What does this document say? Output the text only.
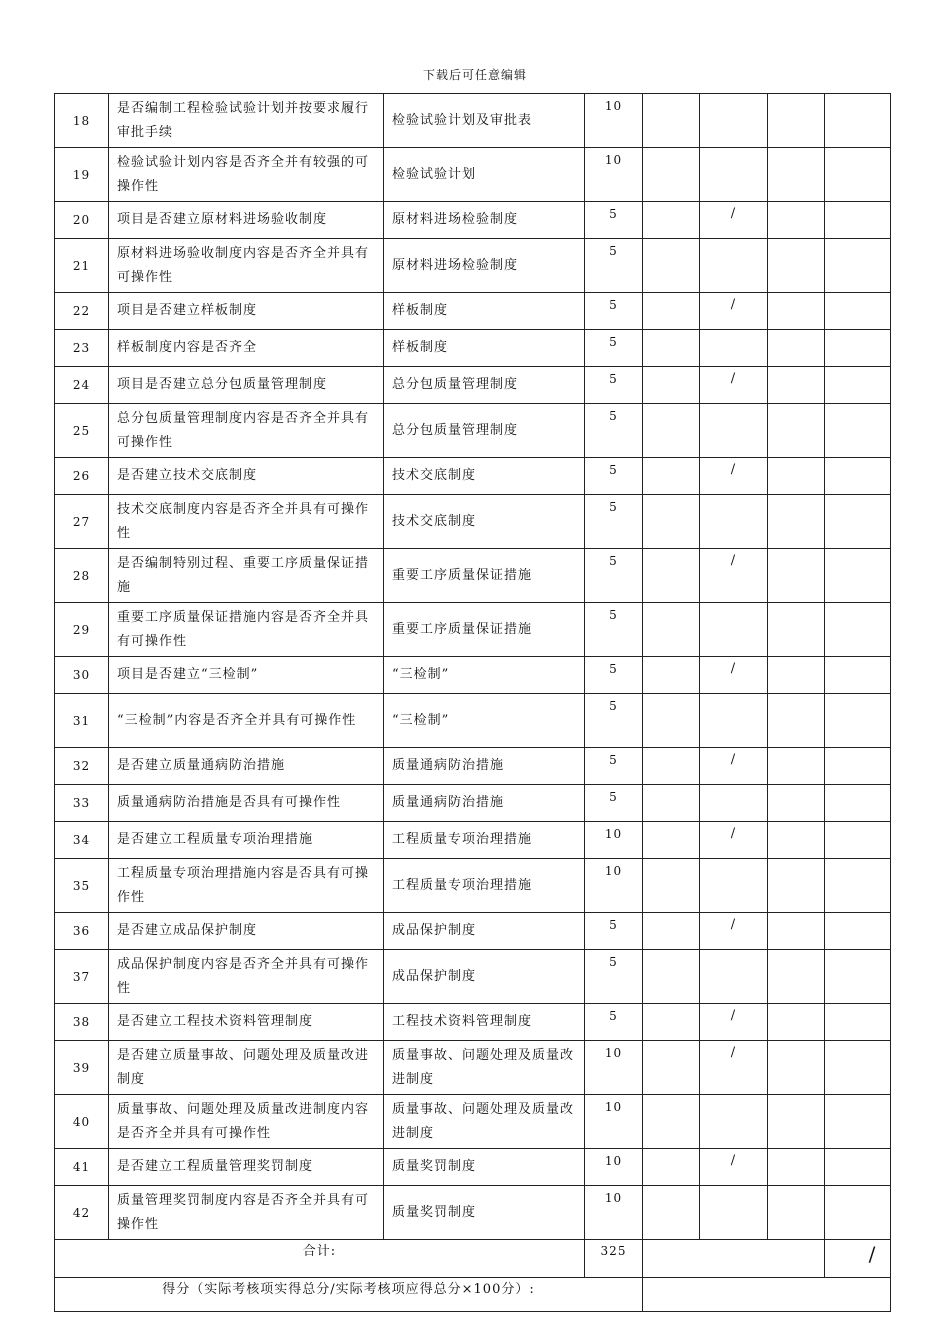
下载后可任意编辑
18	是否编制工程检验试验计划并按要求履行审批手续	检验试验计划及审批表	10				
19	检验试验计划内容是否齐全并有较强的可操作性	检验试验计划	10				
20	项目是否建立原材料进场验收制度	原材料进场检验制度	5		/		
21	原材料进场验收制度内容是否齐全并具有可操作性	原材料进场检验制度	5				
22	项目是否建立样板制度	样板制度	5		/		
23	样板制度内容是否齐全	样板制度	5				
24	项目是否建立总分包质量管理制度	总分包质量管理制度	5		/		
25	总分包质量管理制度内容是否齐全并具有可操作性	总分包质量管理制度	5				
26	是否建立技术交底制度	技术交底制度	5		/		
27	技术交底制度内容是否齐全并具有可操作性	技术交底制度	5				
28	是否编制特别过程、重要工序质量保证措施	重要工序质量保证措施	5		/		
29	重要工序质量保证措施内容是否齐全并具有可操作性	重要工序质量保证措施	5				
30	项目是否建立“三检制”	“三检制”	5		/		
31	“三检制”内容是否齐全并具有可操作性	“三检制”	5				
32	是否建立质量通病防治措施	质量通病防治措施	5		/		
33	质量通病防治措施是否具有可操作性	质量通病防治措施	5				
34	是否建立工程质量专项治理措施	工程质量专项治理措施	10		/		
35	工程质量专项治理措施内容是否具有可操作性	工程质量专项治理措施	10				
36	是否建立成品保护制度	成品保护制度	5		/		
37	成品保护制度内容是否齐全并具有可操作性	成品保护制度	5				
38	是否建立工程技术资料管理制度	工程技术资料管理制度	5		/		
39	是否建立质量事故、问题处理及质量改进制度	质量事故、问题处理及质量改进制度	10		/		
40	质量事故、问题处理及质量改进制度内容是否齐全并具有可操作性	质量事故、问题处理及质量改进制度	10				
41	是否建立工程质量管理奖罚制度	质量奖罚制度	10		/		
42	质量管理奖罚制度内容是否齐全并具有可操作性	质量奖罚制度	10				
合计:			325				/
得分（实际考核项实得总分/实际考核项应得总分×100分）:							
